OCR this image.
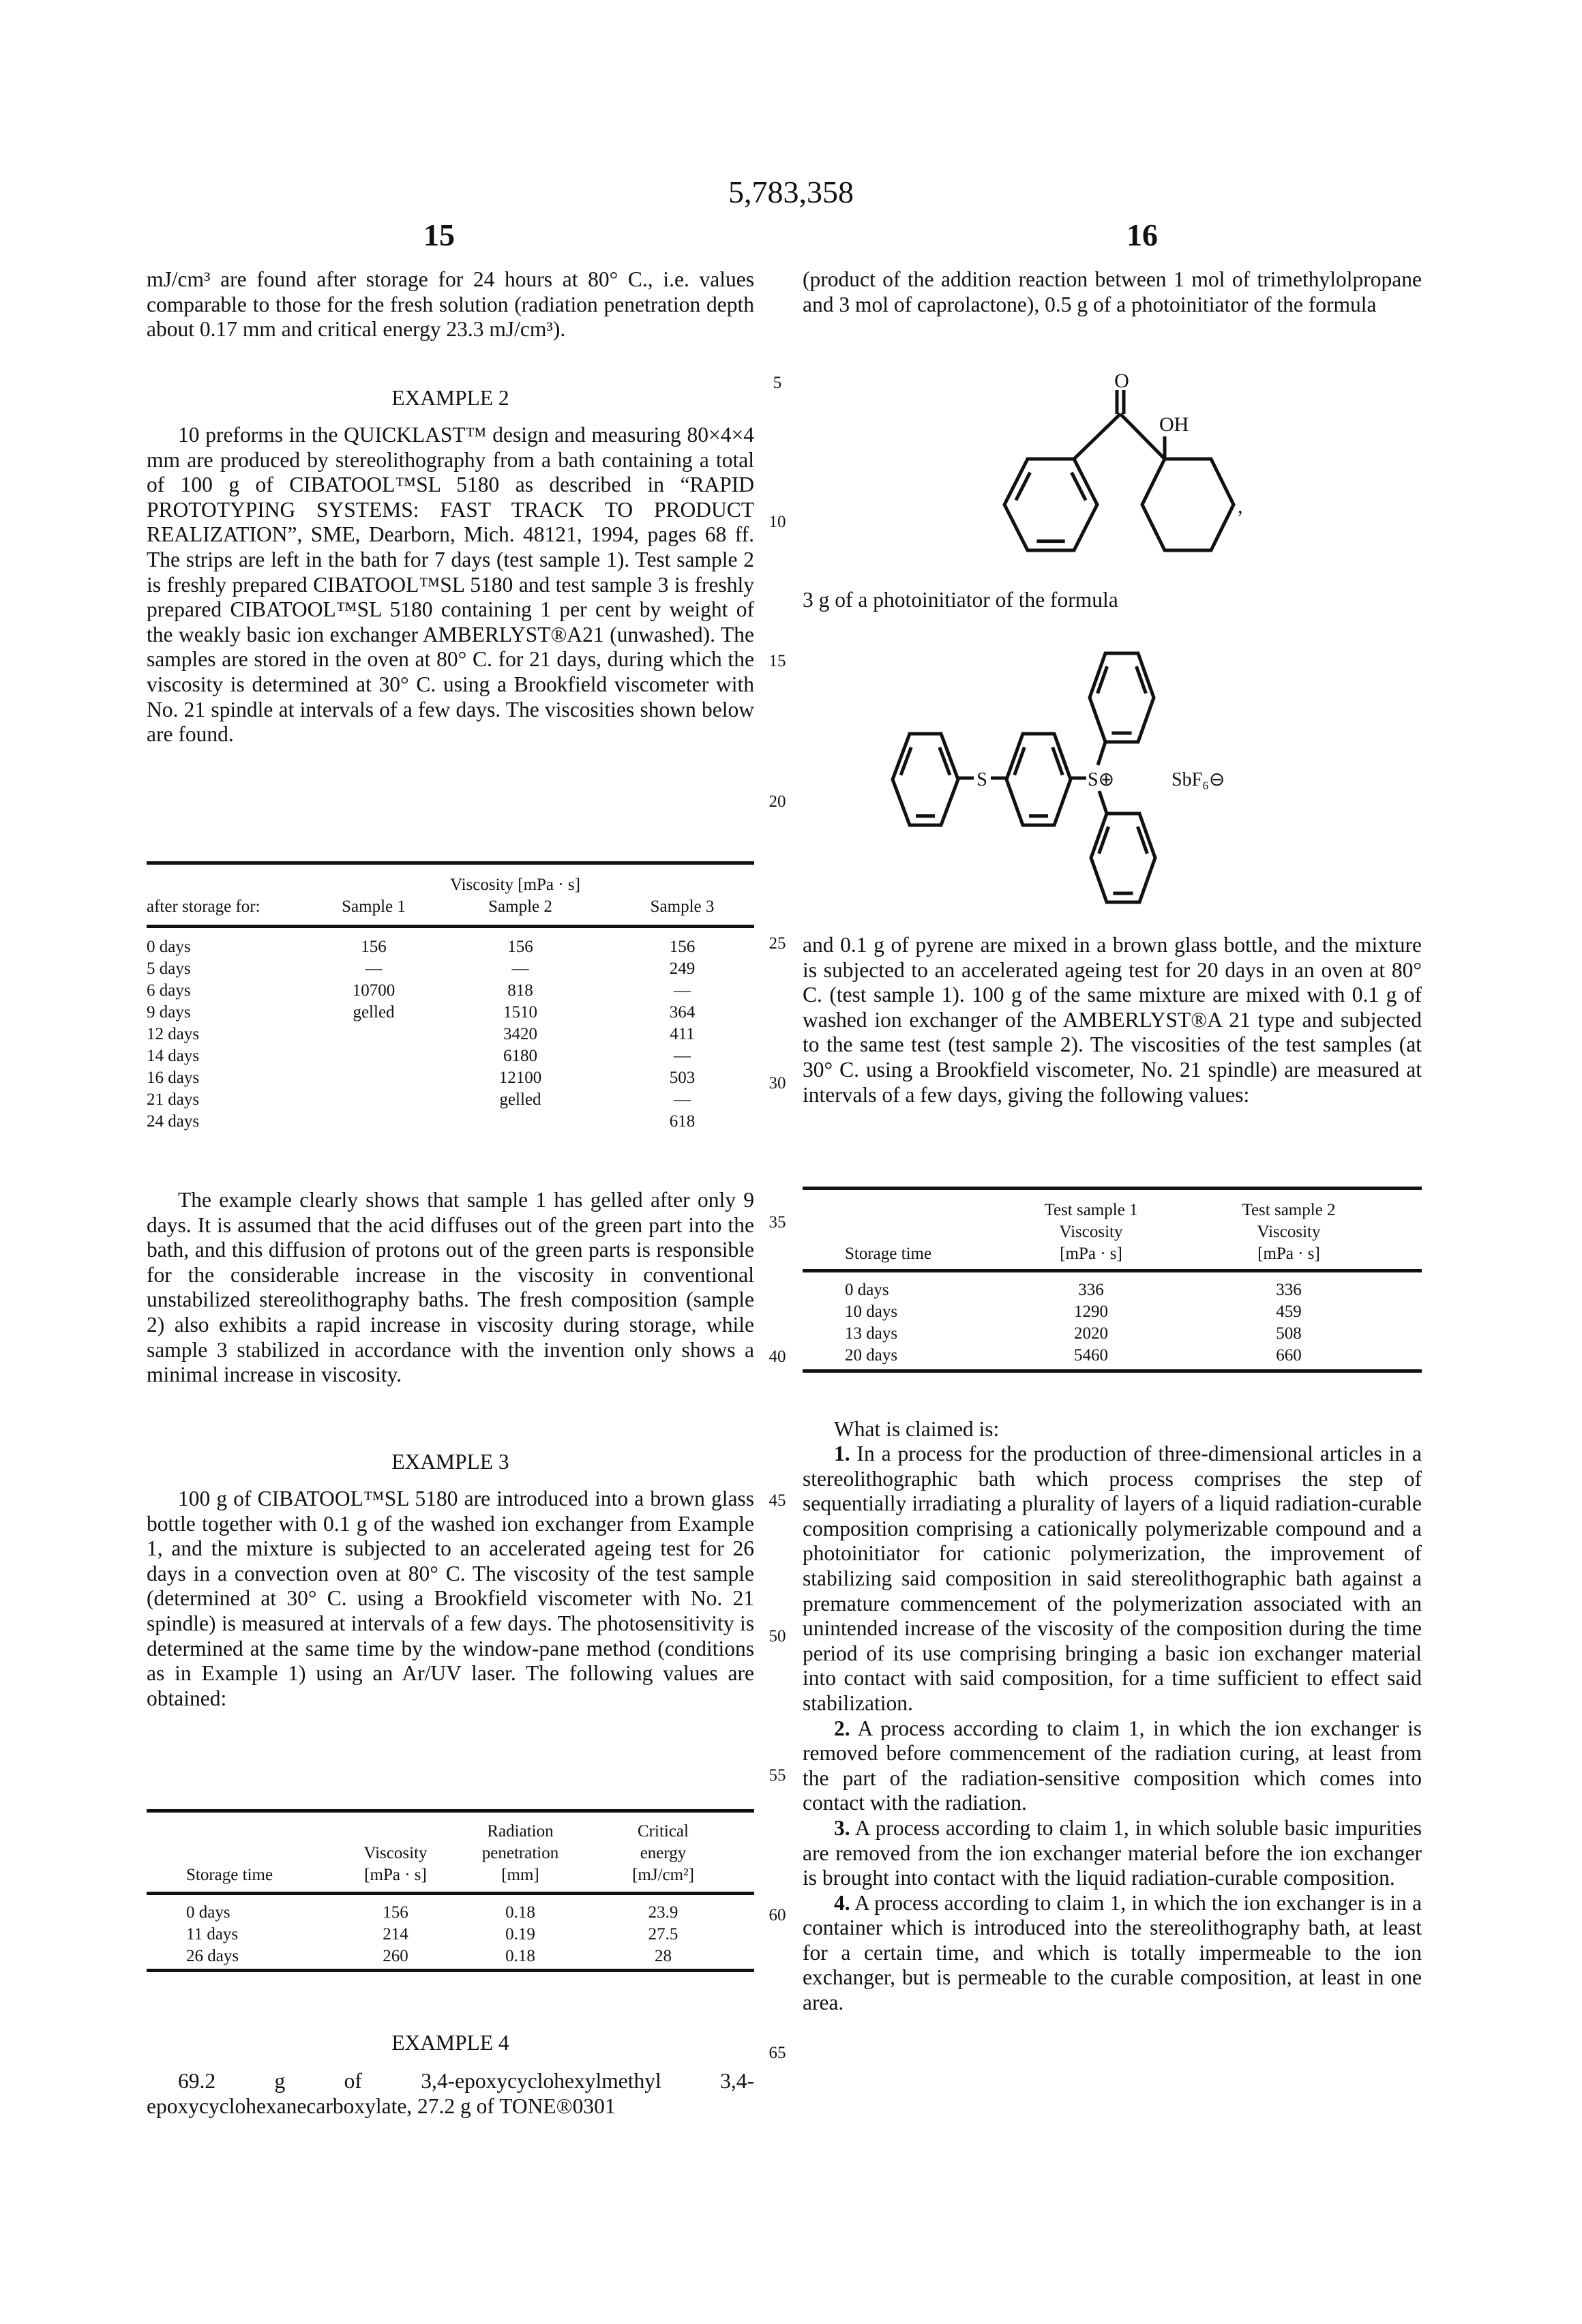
5,783,358
15	16
5
10
15
20
25
30
35
40
45
50
55
60
65
mJ/cm³ are found after storage for 24 hours at 80° C., i.e. values comparable to those for the fresh solution (radiation penetration depth about 0.17 mm and critical energy 23.3 mJ/cm³).
EXAMPLE 2
10 preforms in the QUICKLAST™ design and measuring 80×4×4 mm are produced by stereolithography from a bath containing a total of 100 g of CIBATOOL™SL 5180 as described in “RAPID PROTOTYPING SYSTEMS: FAST TRACK TO PRODUCT REALIZATION”, SME, Dearborn, Mich. 48121, 1994, pages 68 ff. The strips are left in the bath for 7 days (test sample 1). Test sample 2 is freshly prepared CIBATOOL™SL 5180 and test sample 3 is freshly prepared CIBATOOL™SL 5180 containing 1 per cent by weight of the weakly basic ion exchanger AMBERLYST®A21 (unwashed). The samples are stored in the oven at 80° C. for 21 days, during which the viscosity is determined at 30° C. using a Brookfield viscometer with No. 21 spindle at intervals of a few days. The viscosities shown below are found.
Viscosity [mPa · s]
after storage for:	Sample 1	Sample 2	Sample 3
0 days	156	156	156
5 days	—	—	249
6 days	10700	818	—
9 days	gelled	1510	364
12 days	3420	411
14 days	6180	—
16 days	12100	503
21 days	gelled	—
24 days	618
The example clearly shows that sample 1 has gelled after only 9 days. It is assumed that the acid diffuses out of the green part into the bath, and this diffusion of protons out of the green parts is responsible for the considerable increase in the viscosity in conventional unstabilized stereolithography baths. The fresh composition (sample 2) also exhibits a rapid increase in viscosity during storage, while sample 3 stabilized in accordance with the invention only shows a minimal increase in viscosity.
EXAMPLE 3
100 g of CIBATOOL™SL 5180 are introduced into a brown glass bottle together with 0.1 g of the washed ion exchanger from Example 1, and the mixture is subjected to an accelerated ageing test for 26 days in a convection oven at 80° C. The viscosity of the test sample (determined at 30° C. using a Brookfield viscometer with No. 21 spindle) is measured at intervals of a few days. The photosensitivity is determined at the same time by the window-pane method (conditions as in Example 1) using an Ar/UV laser. The following values are obtained:
Radiation	Critical
Viscosity	penetration	energy
Storage time	[mPa · s]	[mm]	[mJ/cm²]
0 days	156	0.18	23.9
11 days	214	0.19	27.5
26 days	260	0.18	28
EXAMPLE 4
69.2 g of 3,4-epoxycyclohexylmethyl 3,4-epoxycyclohexanecarboxylate, 27.2 g of TONE®0301
(product of the addition reaction between 1 mol of trimethylolpropane and 3 mol of caprolactone), 0.5 g of a photoinitiator of the formula
3 g of a photoinitiator of the formula
and 0.1 g of pyrene are mixed in a brown glass bottle, and the mixture is subjected to an accelerated ageing test for 20 days in an oven at 80° C. (test sample 1). 100 g of the same mixture are mixed with 0.1 g of washed ion exchanger of the AMBERLYST®A 21 type and subjected to the same test (test sample 2). The viscosities of the test samples (at 30° C. using a Brookfield viscometer, No. 21 spindle) are measured at intervals of a few days, giving the following values:
Test sample 1	Test sample 2
Viscosity	Viscosity
Storage time	[mPa · s]	[mPa · s]
0 days	336	336
10 days	1290	459
13 days	2020	508
20 days	5460	660
What is claimed is:
1. In a process for the production of three-dimensional articles in a stereolithographic bath which process comprises the step of sequentially irradiating a plurality of layers of a liquid radiation-curable composition comprising a cationically polymerizable compound and a photoinitiator for cationic polymerization, the improvement of stabilizing said composition in said stereolithographic bath against a premature commencement of the polymerization associated with an unintended increase of the viscosity of the composition during the time period of its use comprising bringing a basic ion exchanger material into contact with said composition, for a time sufficient to effect said stabilization.
2. A process according to claim 1, in which the ion exchanger is removed before commencement of the radiation curing, at least from the part of the radiation-sensitive composition which comes into contact with the radiation.
3. A process according to claim 1, in which soluble basic impurities are removed from the ion exchanger material before the ion exchanger is brought into contact with the liquid radiation-curable composition.
4. A process according to claim 1, in which the ion exchanger is in a container which is introduced into the stereolithography bath, at least for a certain time, and which is totally impermeable to the ion exchanger, but is permeable to the curable composition, at least in one area.
O
OH
,
S	S⊕	SbF₆⊖
